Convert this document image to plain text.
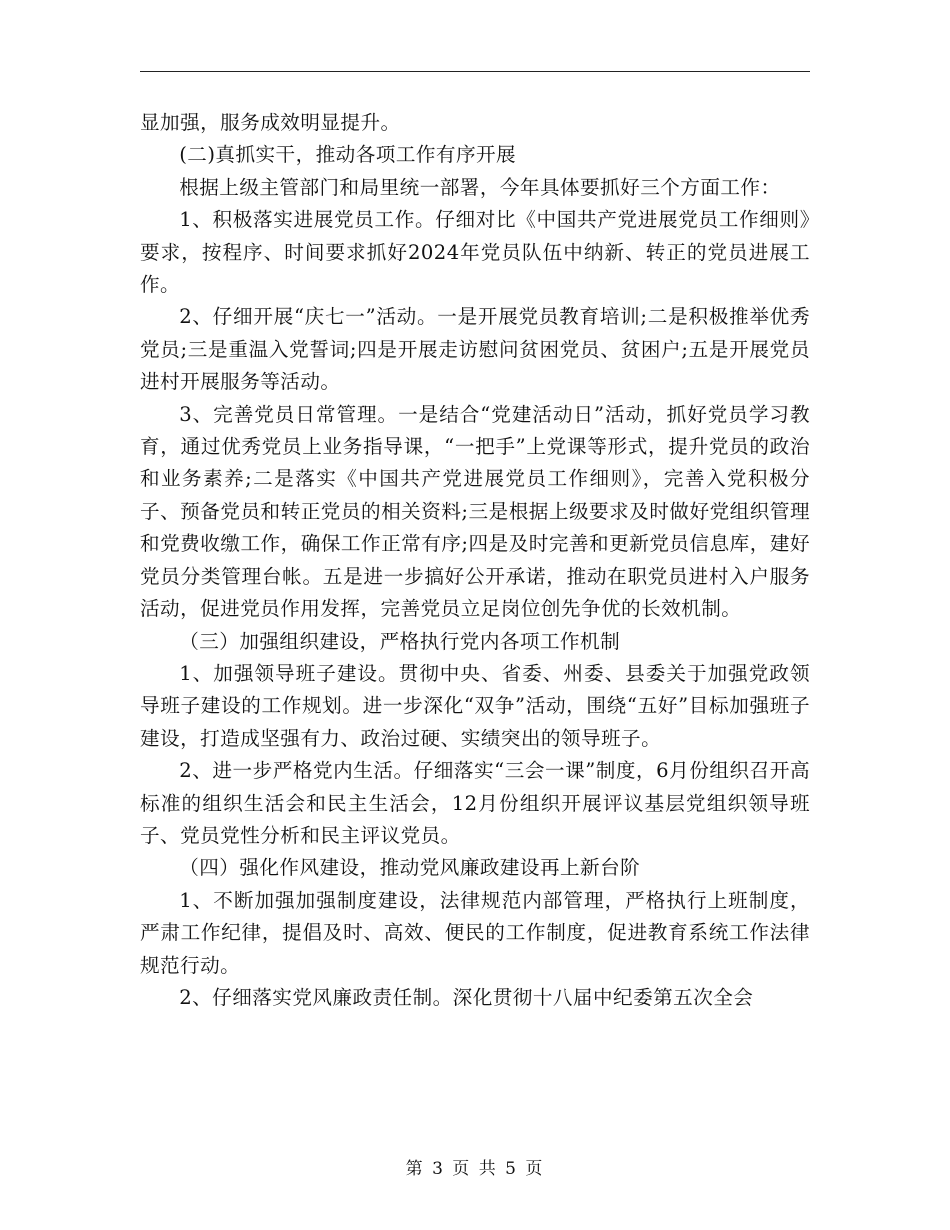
显加强，服务成效明显提升。

(二)真抓实干，推动各项工作有序开展

根据上级主管部门和局里统一部署，今年具体要抓好三个方面工作：

1、积极落实进展党员工作。仔细对比《中国共产党进展党员工作细则》要求，按程序、时间要求抓好2024年党员队伍中纳新、转正的党员进展工作。

2、仔细开展“庆七一”活动。一是开展党员教育培训;二是积极推举优秀党员;三是重温入党誓词;四是开展走访慰问贫困党员、贫困户;五是开展党员进村开展服务等活动。

3、完善党员日常管理。一是结合“党建活动日”活动，抓好党员学习教育，通过优秀党员上业务指导课，“一把手”上党课等形式，提升党员的政治和业务素养;二是落实《中国共产党进展党员工作细则》，完善入党积极分子、预备党员和转正党员的相关资料;三是根据上级要求及时做好党组织管理和党费收缴工作，确保工作正常有序;四是及时完善和更新党员信息库，建好党员分类管理台帐。五是进一步搞好公开承诺，推动在职党员进村入户服务活动，促进党员作用发挥，完善党员立足岗位创先争优的长效机制。

（三）加强组织建设，严格执行党内各项工作机制

1、加强领导班子建设。贯彻中央、省委、州委、县委关于加强党政领导班子建设的工作规划。进一步深化“双争”活动，围绕“五好”目标加强班子建设，打造成坚强有力、政治过硬、实绩突出的领导班子。

2、进一步严格党内生活。仔细落实“三会一课”制度，6月份组织召开高标准的组织生活会和民主生活会，12月份组织开展评议基层党组织领导班子、党员党性分析和民主评议党员。

（四）强化作风建设，推动党风廉政建设再上新台阶

1、不断加强加强制度建设，法律规范内部管理，严格执行上班制度，严肃工作纪律，提倡及时、高效、便民的工作制度，促进教育系统工作法律规范行动。

2、仔细落实党风廉政责任制。深化贯彻十八届中纪委第五次全会

第 3 页 共 5 页
